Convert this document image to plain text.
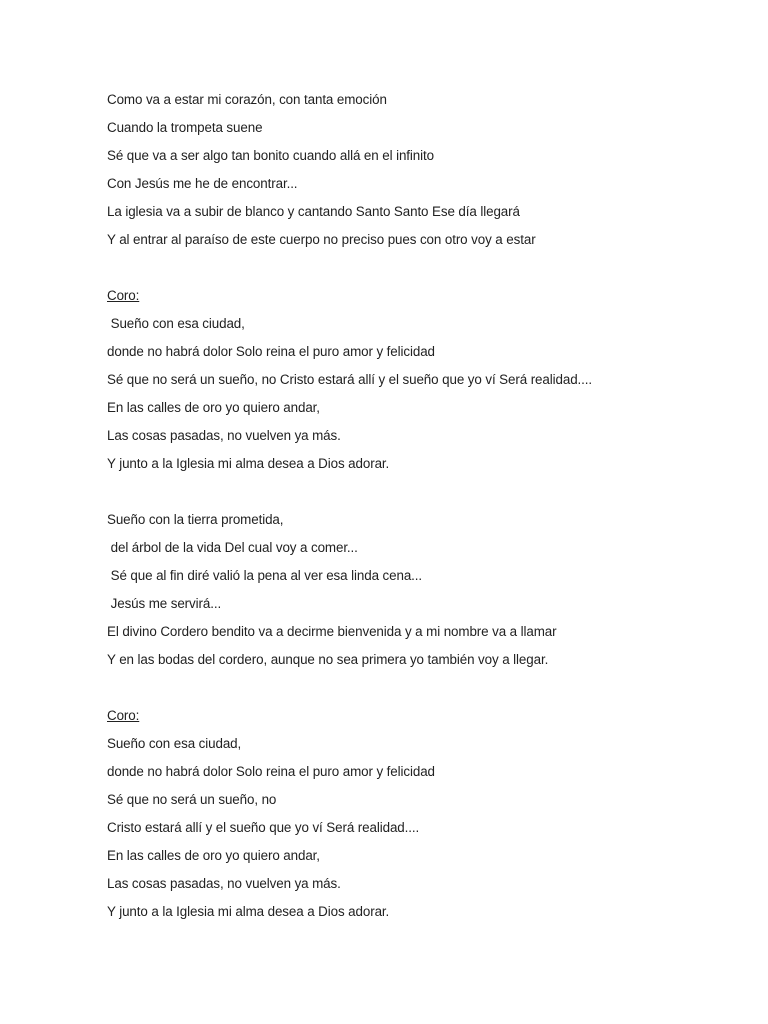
Como va a estar mi corazón, con tanta emoción
Cuando la trompeta suene
Sé que va a ser algo tan bonito cuando allá en el infinito
Con Jesús me he de encontrar...
La iglesia va a subir de blanco y cantando Santo Santo Ese día llegará
Y al entrar al paraíso de este cuerpo no preciso pues con otro voy a estar
Coro:
Sueño con esa ciudad,
donde no habrá dolor Solo reina el puro amor y felicidad
Sé que no será un sueño, no Cristo estará allí y el sueño que yo ví Será realidad....
En las calles de oro yo quiero andar,
Las cosas pasadas, no vuelven ya más.
Y junto a la Iglesia mi alma desea a Dios adorar.
Sueño con la tierra prometida,
del árbol de la vida Del cual voy a comer...
Sé que al fin diré valió la pena al ver esa linda cena...
Jesús me servirá...
El divino Cordero bendito va a decirme bienvenida y a mi nombre va a llamar
Y en las bodas del cordero, aunque no sea primera yo también voy a llegar.
Coro:
Sueño con esa ciudad,
donde no habrá dolor Solo reina el puro amor y felicidad
Sé que no será un sueño, no
Cristo estará allí y el sueño que yo ví Será realidad....
En las calles de oro yo quiero andar,
Las cosas pasadas, no vuelven ya más.
Y junto a la Iglesia mi alma desea a Dios adorar.
